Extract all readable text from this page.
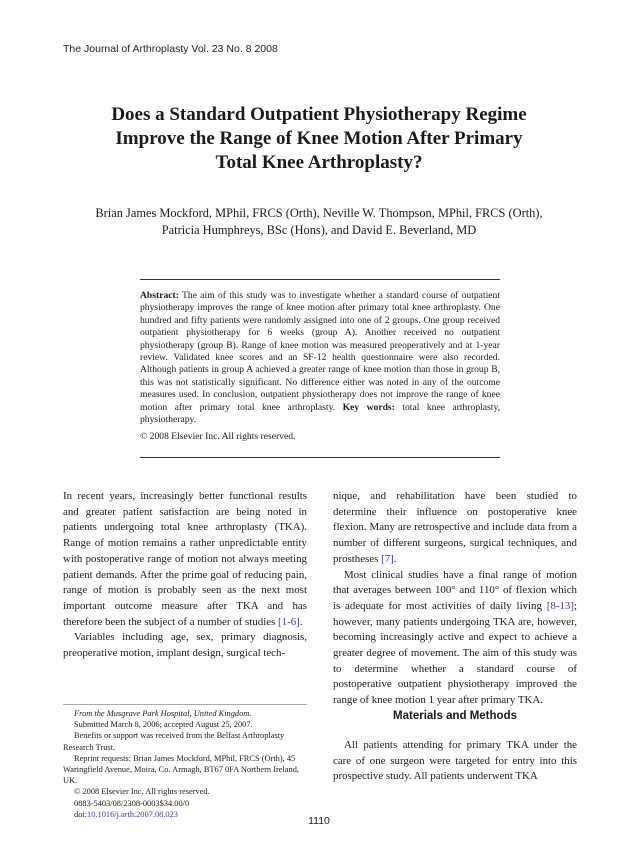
The Journal of Arthroplasty Vol. 23 No. 8 2008
Does a Standard Outpatient Physiotherapy Regime
Improve the Range of Knee Motion After Primary
Total Knee Arthroplasty?
Brian James Mockford, MPhil, FRCS (Orth), Neville W. Thompson, MPhil, FRCS (Orth),
Patricia Humphreys, BSc (Hons), and David E. Beverland, MD
Abstract: The aim of this study was to investigate whether a standard course of outpatient physiotherapy improves the range of knee motion after primary total knee arthroplasty. One hundred and fifty patients were randomly assigned into one of 2 groups. One group received outpatient physiotherapy for 6 weeks (group A). Another received no outpatient physiotherapy (group B). Range of knee motion was measured preoperatively and at 1-year review. Validated knee scores and an SF-12 health questionnaire were also recorded. Although patients in group A achieved a greater range of knee motion than those in group B, this was not statistically significant. No difference either was noted in any of the outcome measures used. In conclusion, outpatient physiotherapy does not improve the range of knee motion after primary total knee arthroplasty. Key words: total knee arthroplasty, physiotherapy.
© 2008 Elsevier Inc. All rights reserved.

In recent years, increasingly better functional results and greater patient satisfaction are being noted in patients undergoing total knee arthroplasty (TKA). Range of motion remains a rather unpredictable entity with postoperative range of motion not always meeting patient demands. After the prime goal of reducing pain, range of motion is probably seen as the next most important outcome measure after TKA and has therefore been the subject of a number of studies [1-6].

Variables including age, sex, primary diagnosis, preoperative motion, implant design, surgical tech-

nique, and rehabilitation have been studied to determine their influence on postoperative knee flexion. Many are retrospective and include data from a number of different surgeons, surgical techniques, and prostheses [7].

Most clinical studies have a final range of motion that averages between 100° and 110° of flexion which is adequate for most activities of daily living [8-13]; however, many patients undergoing TKA are, however, becoming increasingly active and expect to achieve a greater degree of movement. The aim of this study was to determine whether a standard course of postoperative outpatient physiotherapy improved the range of knee motion 1 year after primary TKA.

From the Musgrave Park Hospital, United Kingdom.
Submitted March 8, 2006; accepted August 25, 2007.
Benefits or support was received from the Belfast Arthroplasty Research Trust.
Reprint requests: Brian James Mockford, MPhil, FRCS (Orth), 45 Waringfield Avenue, Moira, Co. Armagh, BT67 0FA Northern Ireland, UK.
© 2008 Elsevier Inc. All rights reserved.
0883-5403/08/2308-0003$34.00/0
doi:10.1016/j.arth.2007.08.023
Materials and Methods

All patients attending for primary TKA under the care of one surgeon were targeted for entry into this prospective study. All patients underwent TKA

1110
